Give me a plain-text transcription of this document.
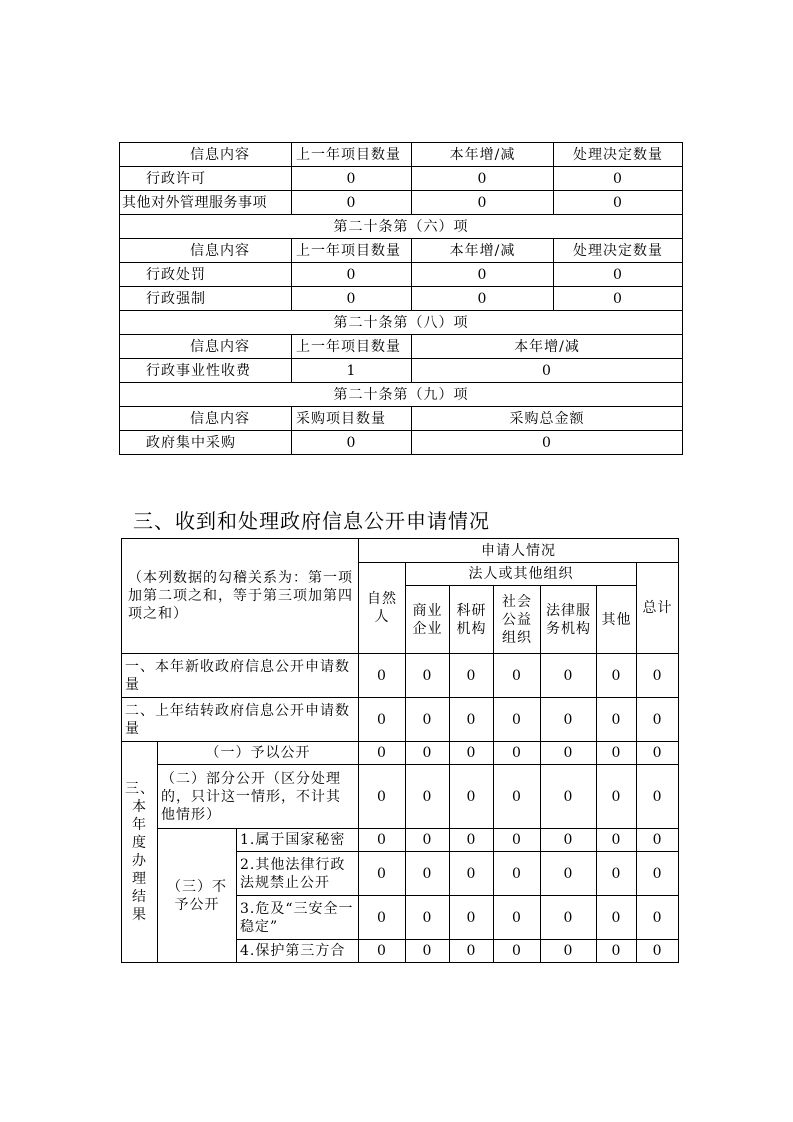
信息内容	上一年项目数量	本年增/减	处理决定数量
行政许可	0	0	0
其他对外管理服务事项	0	0	0
第二十条第（六）项			
信息内容	上一年项目数量	本年增/减	处理决定数量
行政处罚	0	0	0
行政强制	0	0	0
第二十条第（八）项			
信息内容	上一年项目数量	本年增/减	
行政事业性收费	1	0	
第二十条第（九）项			
信息内容	采购项目数量	采购总金额	
政府集中采购	0	0	
三、收到和处理政府信息公开申请情况
（本列数据的勾稽关系为：第一项加第二项之和，等于第三项加第四项之和）			申请人情况						
			自然人	法人或其他组织					总计
				商业企业	科研机构	社会公益组织	法律服务机构	其他	
一、本年新收政府信息公开申请数量			0	0	0	0	0	0	0
二、上年结转政府信息公开申请数量			0	0	0	0	0	0	0
三、本年度办理结果	（一）予以公开		0	0	0	0	0	0	0
	（二）部分公开（区分处理的，只计这一情形，不计其他情形）		0	0	0	0	0	0	0
	（三）不予公开	1.属于国家秘密	0	0	0	0	0	0	0
		2.其他法律行政法规禁止公开	0	0	0	0	0	0	0
		3.危及“三安全一稳定”	0	0	0	0	0	0	0
		4.保护第三方合	0	0	0	0	0	0	0
